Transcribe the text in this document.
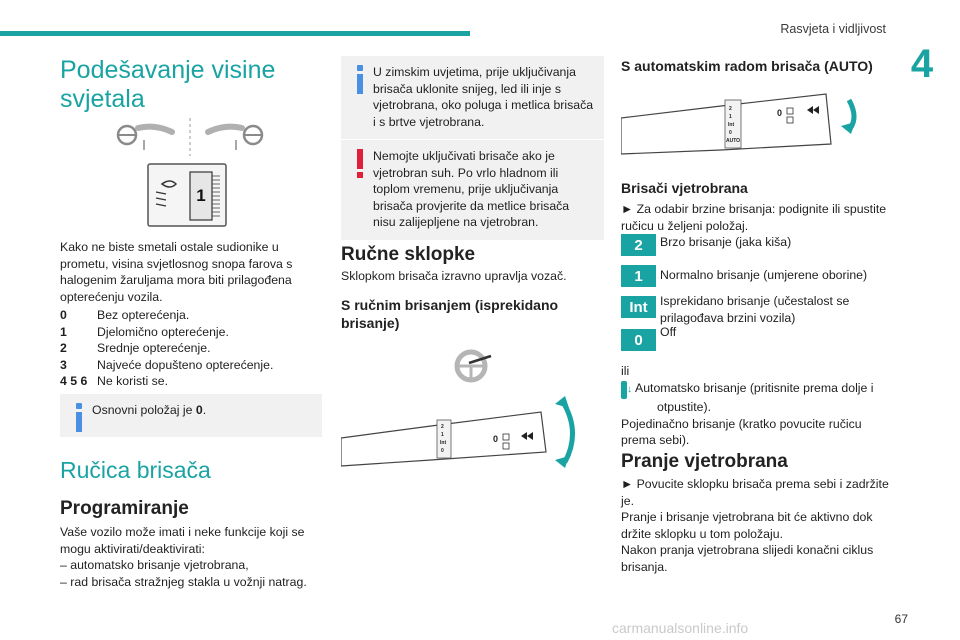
Rasvjeta i vidljivost
4
Podešavanje visine svjetala
1

Kako ne biste smetali ostale sudionike u prometu, visina svjetlosnog snopa farova s halogenim žaruljama mora biti prilagođena opterećenju vozila.

0	Bez opterećenja.
1	Djelomično opterećenje.
2	Srednje opterećenje.
3	Najveće dopušteno opterećenje.
4 5 6 Ne koristi se.
Osnovni položaj je 0.
Ručica brisača
Programiranje

Vaše vozilo može imati i neke funkcije koji se mogu aktivirati/deaktivirati:

– automatsko brisanje vjetrobrana,

– rad brisača stražnjeg stakla u vožnji natrag.

U zimskim uvjetima, prije uključivanja brisača uklonite snijeg, led ili inje s vjetrobrana, oko poluga i metlica brisača i s brtve vjetrobrana.
Nemojte uključivati brisače ako je vjetrobran suh. Po vrlo hladnom ili toplom vremenu, prije uključivanja brisača provjerite da metlice brisača nisu zalijepljene na vjetrobran.
Ručne sklopke

Sklopkom brisača izravno upravlja vozač.

S ručnim brisanjem (isprekidano brisanje)
2
1
Int
0
0
S automatskim radom brisača (AUTO)
2
1
Int
0
AUTO
0
Brisači vjetrobrana

► Za odabir brzine brisanja: podignite ili spustite ručicu u željeni položaj.

2	Brzo brisanje (jaka kiša)
1	Normalno brisanje (umjerene oborine)
Int	Isprekidano brisanje (učestalost se prilagođava brzini vozila)
0	Off

ili

AUTO ↓ Automatsko brisanje (pritisnite prema dolje i otpustite).

Pojedinačno brisanje (kratko povucite ručicu prema sebi).

Pranje vjetrobrana

► Povucite sklopku brisača prema sebi i zadržite je.

Pranje i brisanje vjetrobrana bit će aktivno dok držite sklopku u tom položaju.

Nakon pranja vjetrobrana slijedi konačni ciklus brisanja.

67
carmanualsonline.info
